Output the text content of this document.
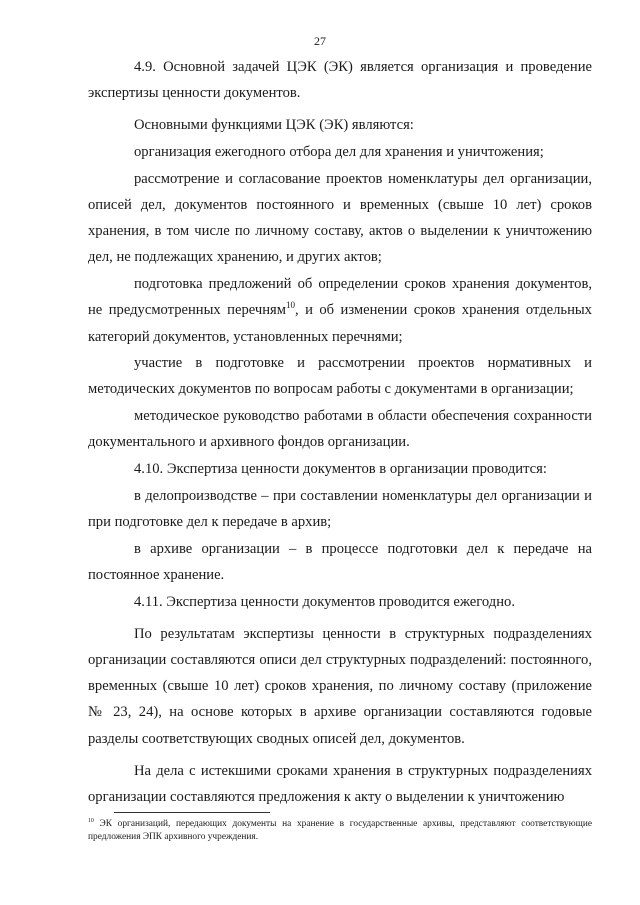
27

4.9. Основной задачей ЦЭК (ЭК) является организация и проведение экспертизы ценности документов.

Основными функциями ЦЭК (ЭК) являются:

организация ежегодного отбора дел для хранения и уничтожения;

рассмотрение и согласование проектов номенклатуры дел организации, описей дел, документов постоянного и временных (свыше 10 лет) сроков хранения, в том числе по личному составу, актов о выделении к уничтожению дел, не подлежащих хранению, и других актов;

подготовка предложений об определении сроков хранения документов, не предусмотренных перечням$^{10}$, и об изменении сроков хранения отдельных категорий документов, установленных перечнями;

участие в подготовке и рассмотрении проектов нормативных и методических документов по вопросам работы с документами в организации;

методическое руководство работами в области обеспечения сохранности документального и архивного фондов организации.

4.10. Экспертиза ценности документов в организации проводится:

в делопроизводстве – при составлении номенклатуры дел организации и при подготовке дел к передаче в архив;

в архиве организации – в процессе подготовки дел к передаче на постоянное хранение.

4.11. Экспертиза ценности документов проводится ежегодно.

По результатам экспертизы ценности в структурных подразделениях организации составляются описи дел структурных подразделений: постоянного, временных (свыше 10 лет) сроков хранения, по личному составу (приложение № 23, 24), на основе которых в архиве организации составляются годовые разделы соответствующих сводных описей дел, документов.

На дела с истекшими сроками хранения в структурных подразделениях организации составляются предложения к акту о выделении к уничтожению

$^{10}$ ЭК организаций, передающих документы на хранение в государственные архивы, представляют соответствующие предложения ЭПК архивного учреждения.
